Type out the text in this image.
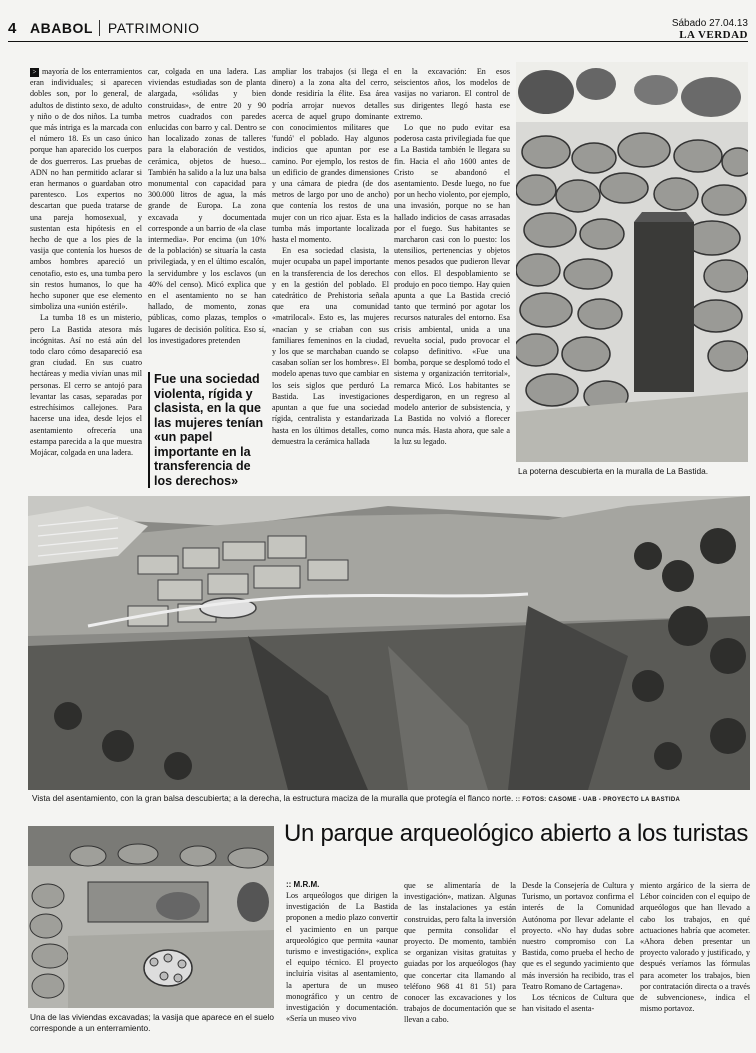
4 ABABOL PATRIMONIO	Sábado 27.04.13
LA VERDAD

> mayoría de los enterramientos eran individuales; si aparecen dobles son, por lo general, de adultos de distinto sexo, de adulto y niño o de dos niños. La tumba que más intriga es la marcada con el número 18. Es un caso único porque han aparecido los cuerpos de dos guerreros. Las pruebas de ADN no han permitido aclarar si eran hermanos o guardaban otro parentesco. Los expertos no descartan que pueda tratarse de una pareja homosexual, y sustentan esta hipótesis en el hecho de que a los pies de la vasija que contenía los huesos de ambos hombres apareció un cenotafio, esto es, una tumba pero sin restos humanos, lo que ha hecho suponer que ese elemento simboliza una «unión estéril».

La tumba 18 es un misterio, pero La Bastida atesora más incógnitas. Así no está aún del todo claro cómo desapareció esa gran ciudad. En sus cuatro hectáreas y media vivían unas mil personas. El cerro se antojó para levantar las casas, separadas por estrechísimos callejones. Para hacerse una idea, desde lejos el asentamiento ofrecería una estampa parecida a la que muestra Mojácar, colgada en una ladera.

car, colgada en una ladera. Las viviendas estudiadas son de planta alargada, «sólidas y bien construidas», de entre 20 y 90 metros cuadrados con paredes enlucidas con barro y cal. Dentro se han localizado zonas de talleres para la elaboración de vestidos, cerámica, objetos de hueso... También ha salido a la luz una balsa monumental con capacidad para 300.000 litros de agua, la más grande de Europa. La zona excavada y documentada corresponde a un barrio de «la clase intermedia». Por encima (un 10% de la población) se situaría la casta privilegiada, y en el último escalón, la servidumbre y los esclavos (un 40% del censo). Micó explica que en el asentamiento no se han hallado, de momento, zonas públicas, como plazas, templos o lugares de decisión política. Eso sí, los investigadores pretenden

Fue una sociedad violenta, rígida y clasista, en la que las mujeres tenían «un papel importante en la transferencia de los derechos»

ampliar los trabajos (si llega el dinero) a la zona alta del cerro, donde residiría la élite. Esa área podría arrojar nuevos detalles acerca de aquel grupo dominante con conocimientos militares que 'fundó' el poblado. Hay algunos indicios que apuntan por ese camino. Por ejemplo, los restos de un edificio de grandes dimensiones y una cámara de piedra (de dos metros de largo por uno de ancho) que contenía los restos de una mujer con un rico ajuar. Esta es la tumba más importante localizada hasta el momento.

En esa sociedad clasista, la mujer ocupaba un papel importante en la transferencia de los derechos y en la gestión del poblado. El catedrático de Prehistoria señala que era una comunidad «matrilocal». Esto es, las mujeres «nacían y se criaban con sus familiares femeninos en la ciudad, y los que se marchaban cuando se casaban solían ser los hombres». El modelo apenas tuvo que cambiar en los seis siglos que perduró La Bastida. Las investigaciones apuntan a que fue una sociedad rígida, centralista y estandarizada hasta en los últimos detalles, como demuestra la cerámica hallada

en la excavación: En esos seiscientos años, los modelos de vasijas no variaron. El control de sus dirigentes llegó hasta ese extremo.

Lo que no pudo evitar esa poderosa casta privilegiada fue que a La Bastida también le llegara su fin. Hacia el año 1600 antes de Cristo se abandonó el asentamiento. Desde luego, no fue por un hecho violento, por ejemplo, una invasión, porque no se han hallado indicios de casas arrasadas por el fuego. Sus habitantes se marcharon casi con lo puesto: los utensilios, pertenencias y objetos menos pesados que pudieron llevar con ellos. El despoblamiento se produjo en poco tiempo. Hay quien apunta a que La Bastida creció tanto que terminó por agotar los recursos naturales del entorno. Esa crisis ambiental, unida a una revuelta social, pudo provocar el colapso definitivo. «Fue una bomba, porque se desplomó todo el sistema y organización territorial», remarca Micó. Los habitantes se desperdigaron, en un regreso al modelo anterior de subsistencia, y La Bastida no volvió a florecer nunca más. Hasta ahora, que sale a la luz su legado.

La poterna descubierta en la muralla de La Bastida.
Vista del asentamiento, con la gran balsa descubierta; a la derecha, la estructura maciza de la muralla que protegía el flanco norte. :: FOTOS: CASOME - UAB - PROYECTO LA BASTIDA
Una de las viviendas excavadas; la vasija que aparece en el suelo corresponde a un enterramiento.
Un parque arqueológico abierto a los turistas
:: M.R.M.

Los arqueólogos que dirigen la investigación de La Bastida proponen a medio plazo convertir el yacimiento en un parque arqueológico que permita «aunar turismo e investigación», explica el equipo técnico. El proyecto incluiría visitas al asentamiento, la apertura de un museo monográfico y un centro de investigación y documentación. «Sería un museo vivo

que se alimentaría de la investigación», matizan. Algunas de las instalaciones ya están construidas, pero falta la inversión que permita consolidar el proyecto. De momento, también se organizan visitas gratuitas y guiadas por los arqueólogos (hay que concertar cita llamando al teléfono 968 41 81 51) para conocer las excavaciones y los trabajos de documentación que se llevan a cabo.

Desde la Consejería de Cultura y Turismo, un portavoz confirma el interés de la Comunidad Autónoma por llevar adelante el proyecto. «No hay dudas sobre nuestro compromiso con La Bastida, como prueba el hecho de que es el segundo yacimiento que más inversión ha recibido, tras el Teatro Romano de Cartagena».

Los técnicos de Cultura que han visitado el asenta-

miento argárico de la sierra de Lébor coinciden con el equipo de arqueólogos que han llevado a cabo los trabajos, en qué actuaciones habría que acometer. «Ahora deben presentar un proyecto valorado y justificado, y después veríamos las fórmulas para acometer los trabajos, bien por contratación directa o a través de subvenciones», indica el mismo portavoz.
